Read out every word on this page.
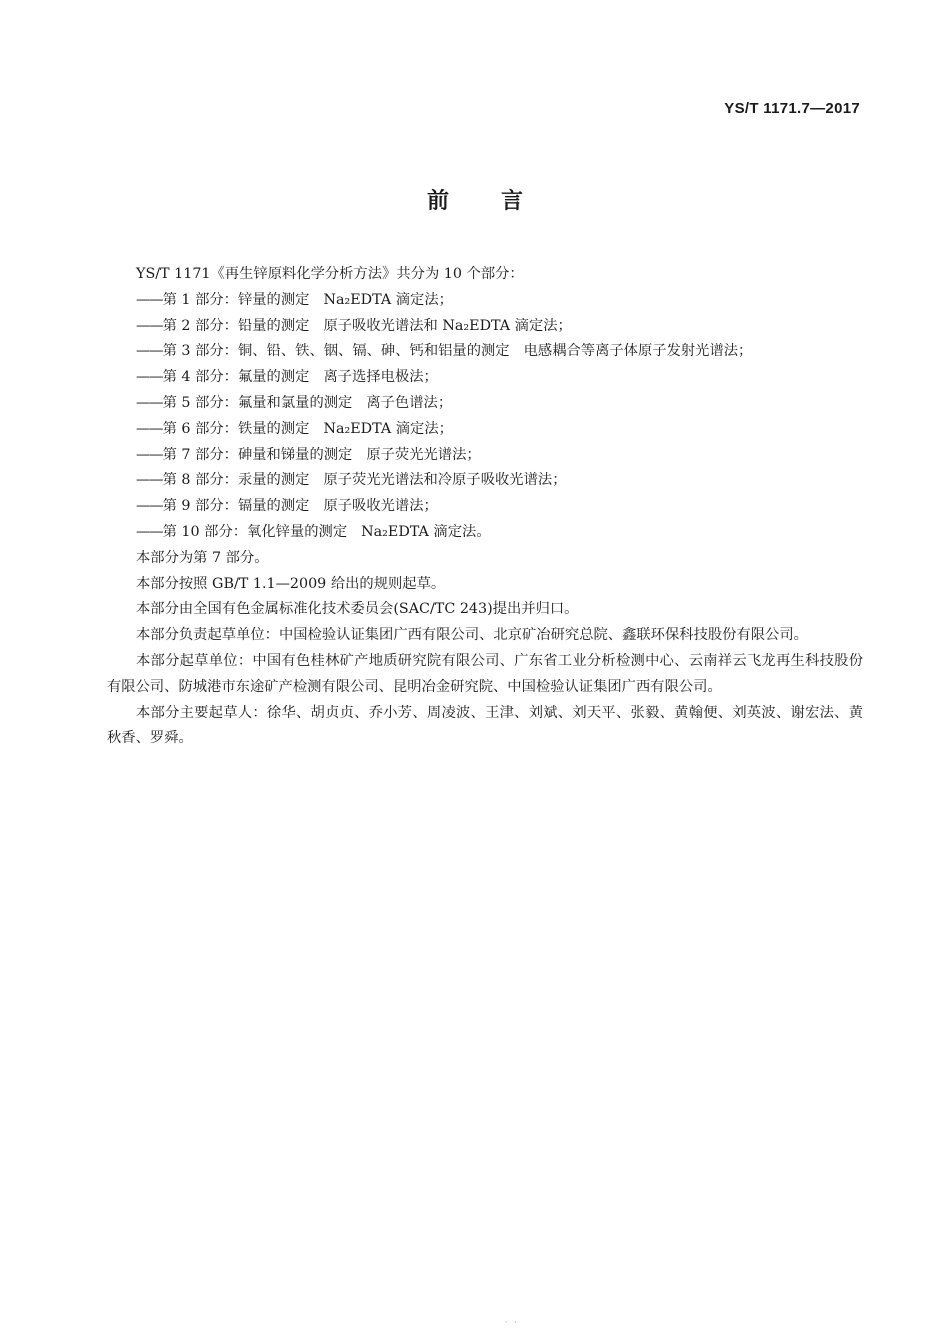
YS/T 1171.7—2017
前言

YS/T 1171《再生锌原料化学分析方法》共分为 10 个部分：

——第 1 部分：锌量的测定 Na₂EDTA 滴定法；
——第 2 部分：铅量的测定 原子吸收光谱法和 Na₂EDTA 滴定法；
——第 3 部分：铜、铅、铁、铟、镉、砷、钙和铝量的测定 电感耦合等离子体原子发射光谱法；
——第 4 部分：氟量的测定 离子选择电极法；
——第 5 部分：氟量和氯量的测定 离子色谱法；
——第 6 部分：铁量的测定 Na₂EDTA 滴定法；
——第 7 部分：砷量和锑量的测定 原子荧光光谱法；
——第 8 部分：汞量的测定 原子荧光光谱法和冷原子吸收光谱法；
——第 9 部分：镉量的测定 原子吸收光谱法；
——第 10 部分：氧化锌量的测定 Na₂EDTA 滴定法。

本部分为第 7 部分。

本部分按照 GB/T 1.1—2009 给出的规则起草。

本部分由全国有色金属标准化技术委员会(SAC/TC 243)提出并归口。

本部分负责起草单位：中国检验认证集团广西有限公司、北京矿冶研究总院、鑫联环保科技股份有限公司。

本部分起草单位：中国有色桂林矿产地质研究院有限公司、广东省工业分析检测中心、云南祥云飞龙再生科技股份有限公司、防城港市东途矿产检测有限公司、昆明冶金研究院、中国检验认证集团广西有限公司。

本部分主要起草人：徐华、胡贞贞、乔小芳、周凌波、王津、刘斌、刘天平、张毅、黄翰便、刘英波、谢宏法、黄秋香、罗舜。

· ·
